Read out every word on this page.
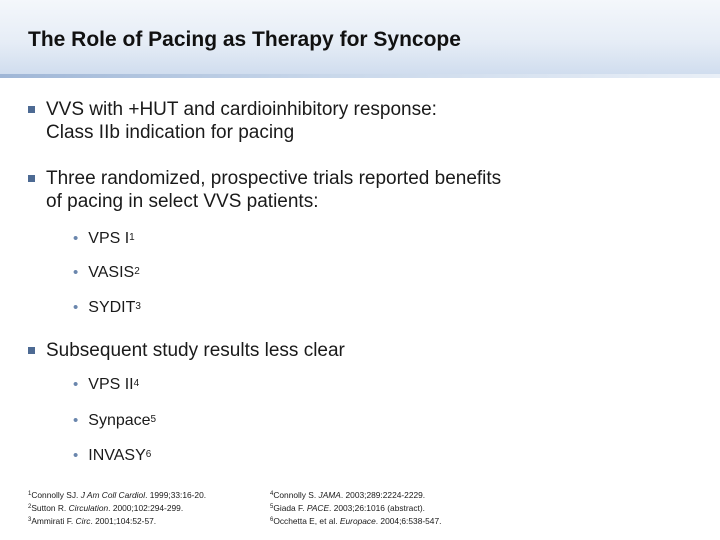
The Role of Pacing as Therapy for Syncope
VVS with +HUT and cardioinhibitory response:
Class IIb indication for pacing
Three randomized, prospective trials reported benefits
of pacing in select VVS patients:
• VPS $I^1$
• VASIS$^2$
• SYDIT$^3$
Subsequent study results less clear
• VPS $II^4$
• Synpace$^5$
• INVASY$^6$
$^1$Connolly SJ. J Am Coll Cardiol. 1999;33:16-20.
$^2$Sutton R. Circulation. 2000;102:294-299.
$^3$Ammirati F. Circ. 2001;104:52-57.
$^4$Connolly S. JAMA. 2003;289:2224-2229.
$^5$Giada F. PACE. 2003;26:1016 (abstract).
$^6$Occhetta E, et al. Europace. 2004;6:538-547.
